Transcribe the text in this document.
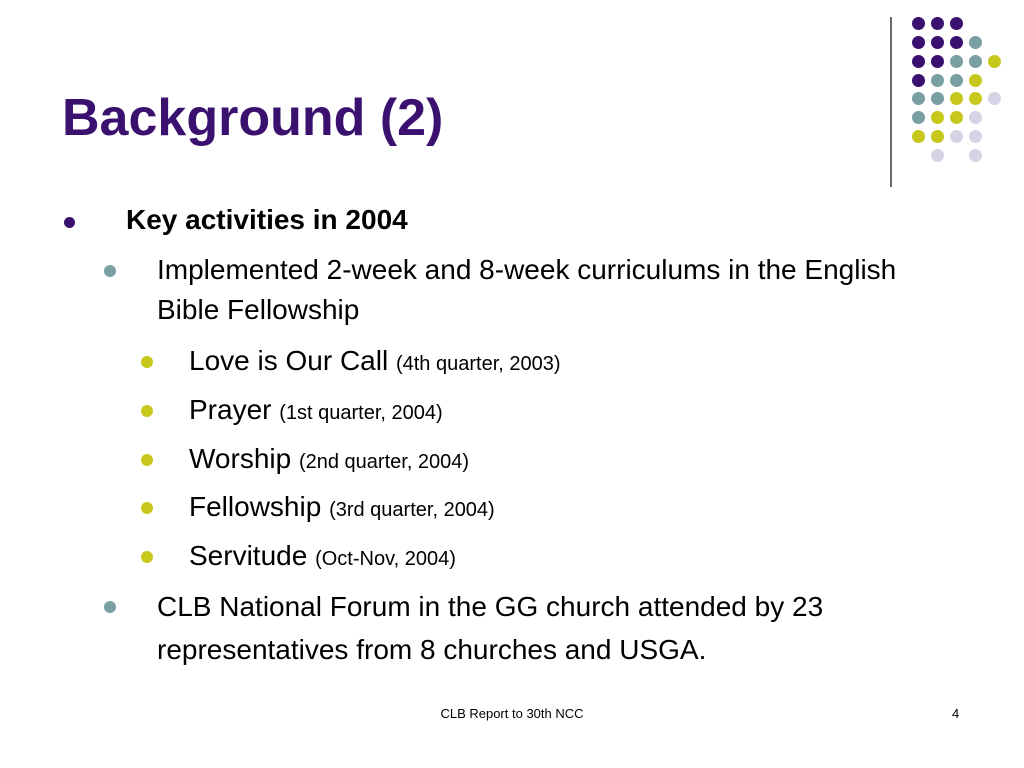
Background (2)
Key activities in 2004
Implemented 2-week and 8-week curriculums in the English Bible Fellowship
Love is Our Call (4th quarter, 2003)
Prayer (1st quarter, 2004)
Worship (2nd quarter, 2004)
Fellowship (3rd quarter, 2004)
Servitude (Oct-Nov, 2004)
CLB National Forum in the GG church attended by 23 representatives from 8 churches and USGA.
CLB Report to 30th NCC	4
